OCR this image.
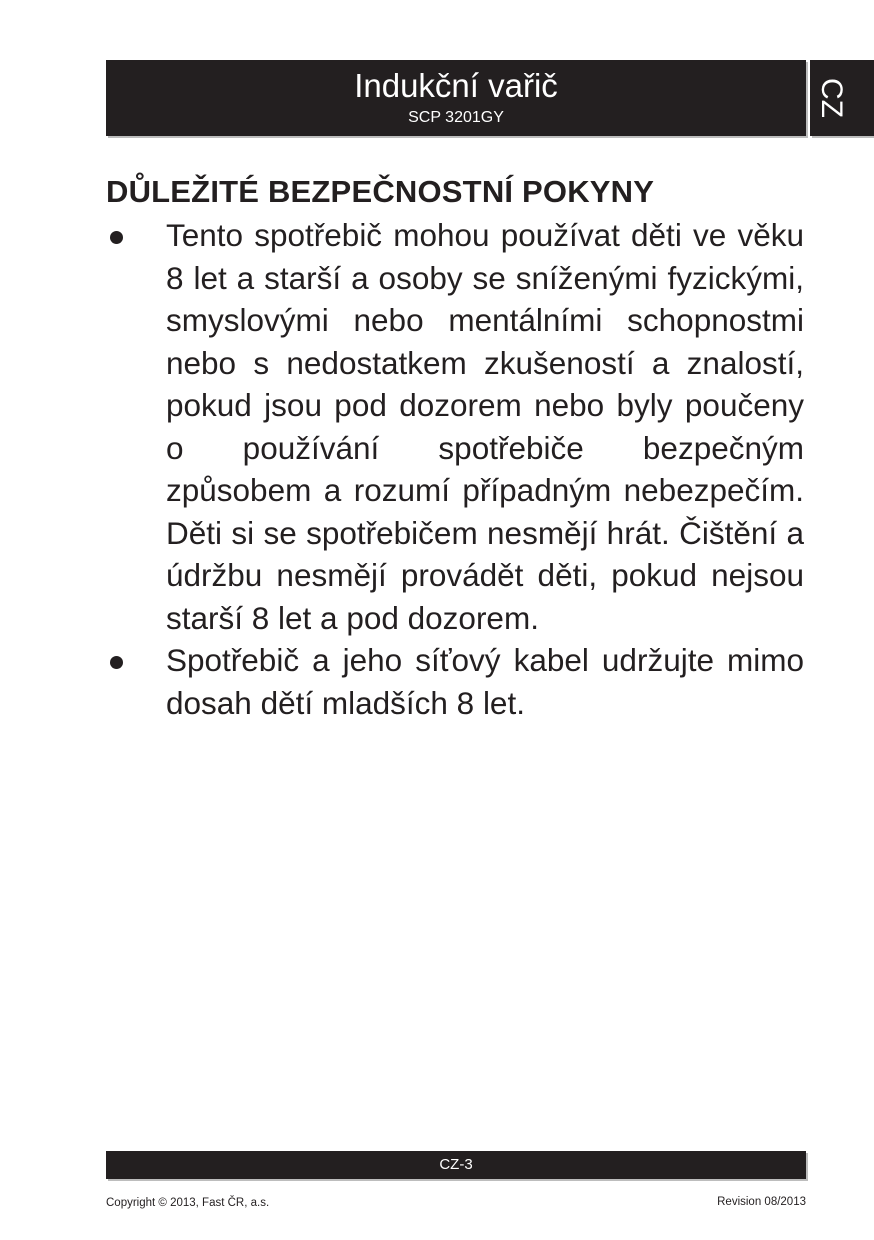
Indukční vařič
SCP 3201GY	CZ
DŮLEŽITÉ BEZPEČNOSTNÍ POKYNY
Tento spotřebič mohou používat děti ve věku 8 let a starší a osoby se sníženými fyzickými, smyslovými nebo mentálními schopnostmi nebo s nedostatkem zkušeností a znalostí, pokud jsou pod dozorem nebo byly poučeny o používání spotřebiče bezpečným způsobem a rozumí případným nebezpečím. Děti si se spotřebičem nesmějí hrát. Čištění a údržbu nesmějí provádět děti, pokud nejsou starší 8 let a pod dozorem.
Spotřebič a jeho síťový kabel udržujte mimo dosah dětí mladších 8 let.
CZ-3
Copyright © 2013, Fast ČR, a.s.	Revision 08/2013
